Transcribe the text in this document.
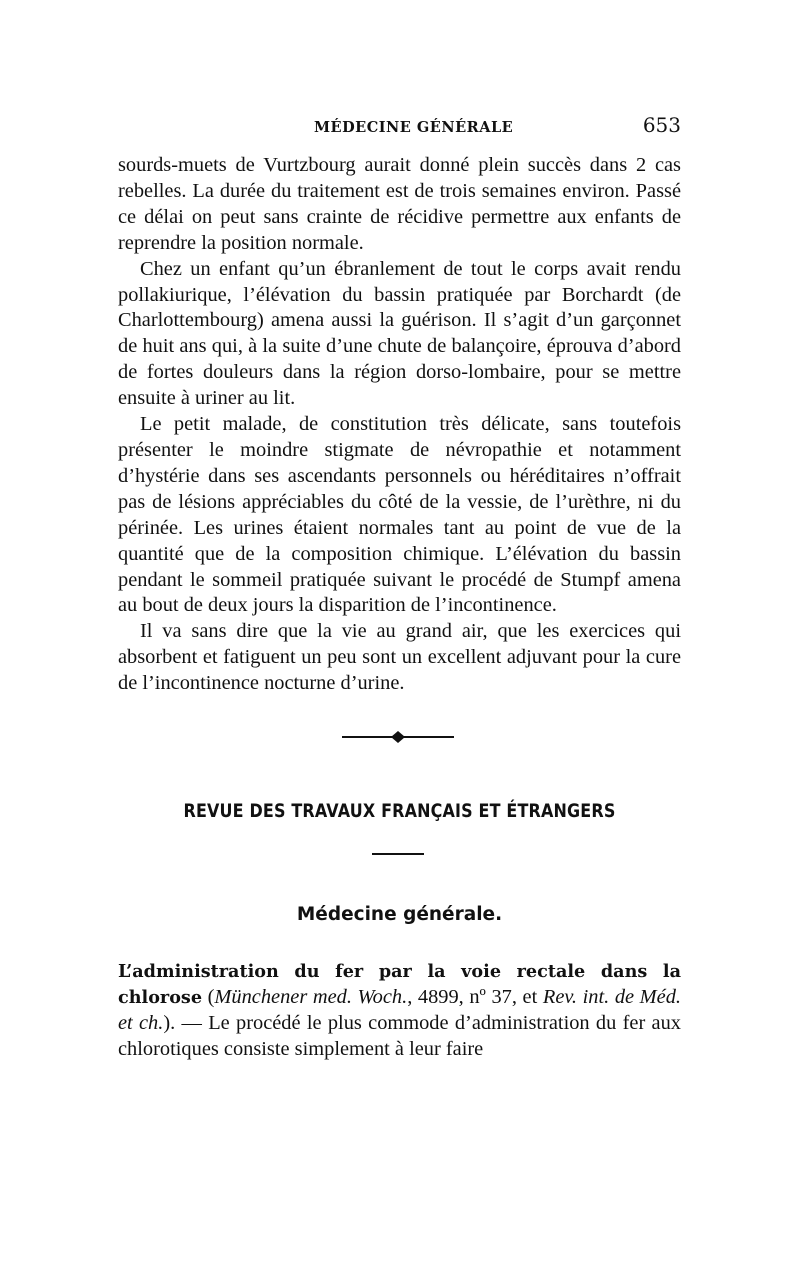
MÉDECINE GÉNÉRALE	653

sourds-muets de Vurtzbourg aurait donné plein succès dans 2 cas rebelles. La durée du traitement est de trois semaines environ. Passé ce délai on peut sans crainte de récidive permettre aux enfants de reprendre la position normale.

Chez un enfant qu’un ébranlement de tout le corps avait rendu pollakiurique, l’élévation du bassin pratiquée par Borchardt (de Charlottembourg) amena aussi la guérison. Il s’agit d’un garçonnet de huit ans qui, à la suite d’une chute de balançoire, éprouva d’abord de fortes douleurs dans la région dorso-lombaire, pour se mettre ensuite à uriner au lit.

Le petit malade, de constitution très délicate, sans toutefois présenter le moindre stigmate de névropathie et notamment d’hystérie dans ses ascendants personnels ou héréditaires n’offrait pas de lésions appréciables du côté de la vessie, de l’urèthre, ni du périnée. Les urines étaient normales tant au point de vue de la quantité que de la composition chimique. L’élévation du bassin pendant le sommeil pratiquée suivant le procédé de Stumpf amena au bout de deux jours la disparition de l’incontinence.

Il va sans dire que la vie au grand air, que les exercices qui absorbent et fatiguent un peu sont un excellent adjuvant pour la cure de l’incontinence nocturne d’urine.

REVUE DES TRAVAUX FRANÇAIS ET ÉTRANGERS
Médecine générale.

L’administration du fer par la voie rectale dans la chlorose (Münchener med. Woch., 4899, nº 37, et Rev. int. de Méd. et ch.). — Le procédé le plus commode d’administration du fer aux chlorotiques consiste simplement à leur faire
